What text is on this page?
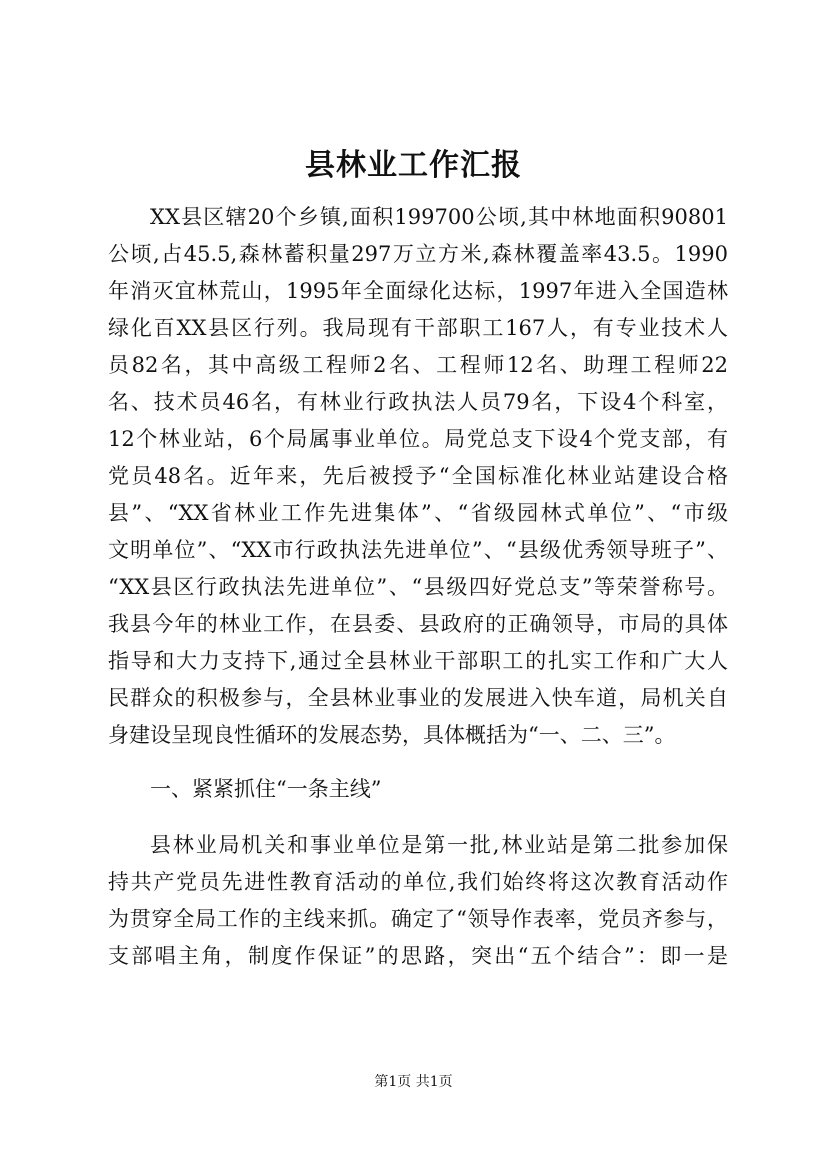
县林业工作汇报
XX县区辖20个乡镇,面积199700公顷,其中林地面积90801
公顷,占45.5,森林蓄积量297万立方米,森林覆盖率43.5。1990
年消灭宜林荒山，1995年全面绿化达标，1997年进入全国造林
绿化百XX县区行列。我局现有干部职工167人，有专业技术人
员82名，其中高级工程师2名、工程师12名、助理工程师22
名、技术员46名，有林业行政执法人员79名，下设4个科室，
12个林业站，6个局属事业单位。局党总支下设4个党支部，有
党员48名。近年来，先后被授予“全国标准化林业站建设合格
县”、“XX省林业工作先进集体”、“省级园林式单位”、“市级
文明单位”、“XX市行政执法先进单位”、“县级优秀领导班子”、
“XX县区行政执法先进单位”、“县级四好党总支”等荣誉称号。
我县今年的林业工作，在县委、县政府的正确领导，市局的具体
指导和大力支持下,通过全县林业干部职工的扎实工作和广大人
民群众的积极参与，全县林业事业的发展进入快车道，局机关自
身建设呈现良性循环的发展态势，具体概括为“一、二、三”。
一、紧紧抓住“一条主线”
县林业局机关和事业单位是第一批,林业站是第二批参加保
持共产党员先进性教育活动的单位,我们始终将这次教育活动作
为贯穿全局工作的主线来抓。确定了“领导作表率，党员齐参与，
支部唱主角，制度作保证”的思路，突出“五个结合”：即一是
第1页 共1页
